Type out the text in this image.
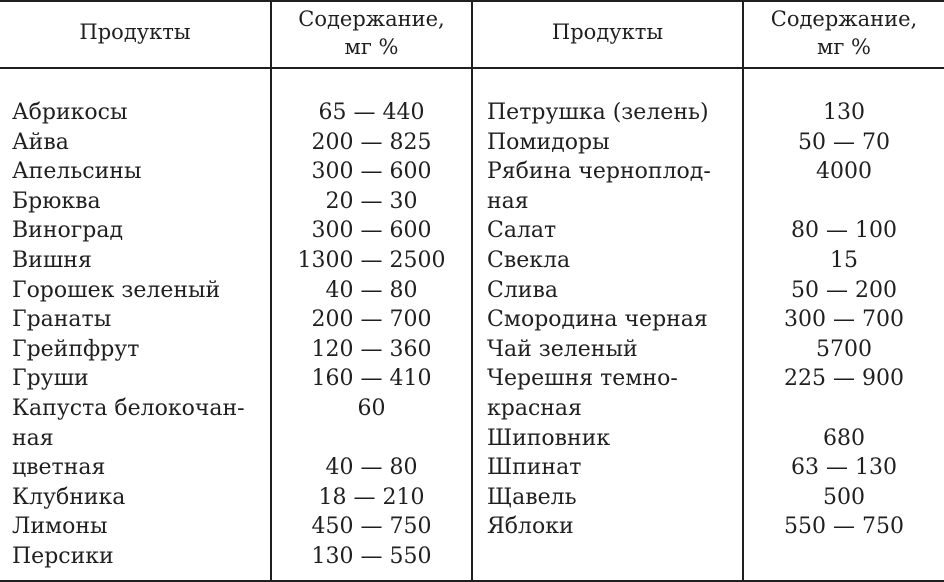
Продукты
Содержание,
мг %
Продукты
Содержание,
мг %
Абрикосы
Айва
Апельсины
Брюква
Виноград
Вишня
Горошек зеленый
Гранаты
Грейпфрут
Груши
Капуста белокочан-
ная
цветная
Клубника
Лимоны
Персики
65 — 440
200 — 825
300 — 600
20 — 30
300 — 600
1300 — 2500
40 — 80
200 — 700
120 — 360
160 — 410
60

40 — 80
18 — 210
450 — 750
130 — 550
Петрушка (зелень)
Помидоры
Рябина черноплод-
ная
Салат
Свекла
Слива
Смородина черная
Чай зеленый
Черешня темно-
красная
Шиповник
Шпинат
Щавель
Яблоки
130
50 — 70
4000

80 — 100
15
50 — 200
300 — 700
5700
225 — 900

680
63 — 130
500
550 — 750
